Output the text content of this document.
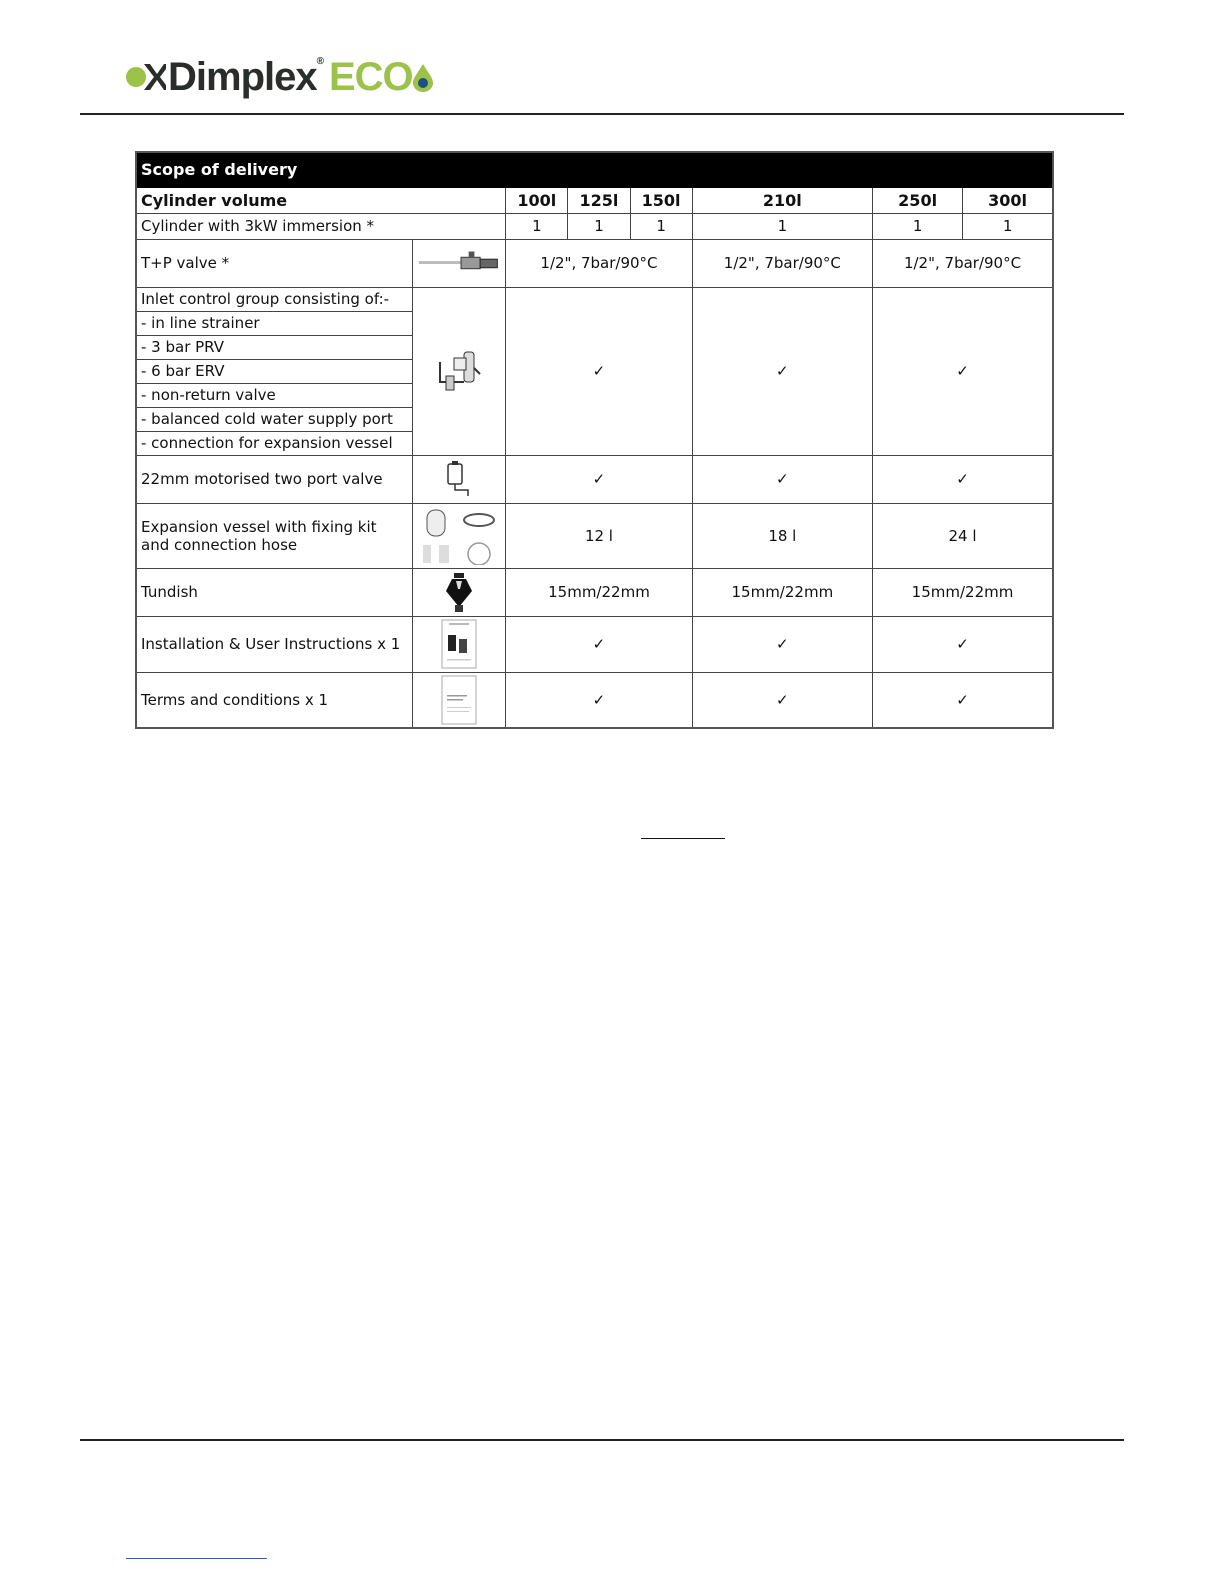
Dimplex® ECO
Scope of delivery							
Cylinder volume		100l	125l	150l	210l	250l	300l
Cylinder with 3kW immersion *		1	1	1	1	1	1
T+P valve *		1/2", 7bar/90°C			1/2", 7bar/90°C	1/2", 7bar/90°C	
Inlet control group consisting of:-		✓			✓	✓	
- in line strainer							
- 3 bar PRV							
- 6 bar ERV							
- non-return valve							
- balanced cold water supply port							
- connection for expansion vessel							
22mm motorised two port valve		✓			✓	✓	
Expansion vessel with fixing kit and connection hose		12 l			18 l	24 l	
Tundish		15mm/22mm			15mm/22mm	15mm/22mm	
Installation & User Instructions x 1		✓			✓	✓	
Terms and conditions x 1		✓			✓	✓	
